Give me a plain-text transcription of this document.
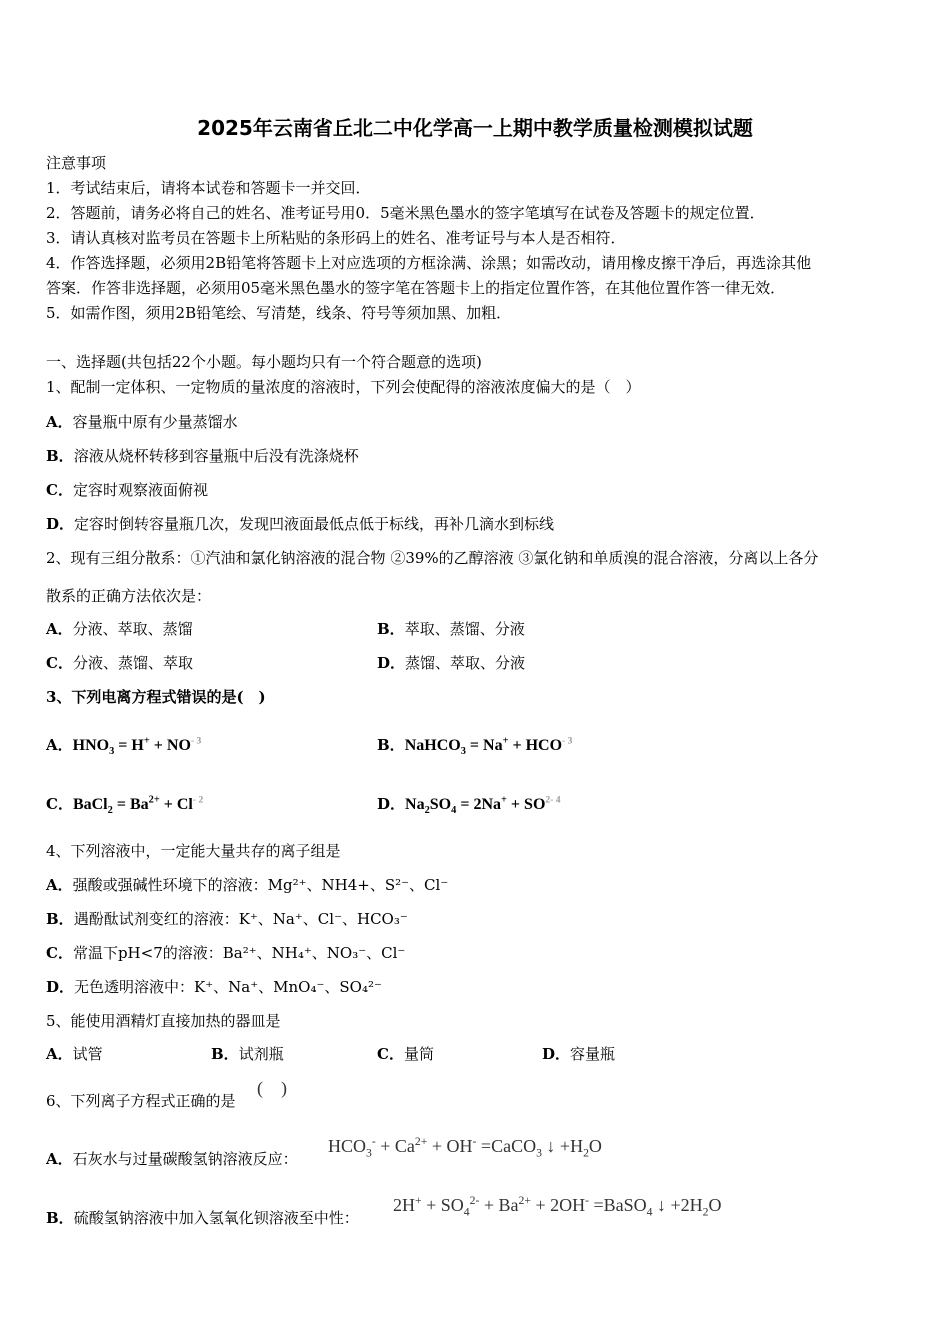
2025年云南省丘北二中化学高一上期中教学质量检测模拟试题
注意事项
1．考试结束后，请将本试卷和答题卡一并交回．
2．答题前，请务必将自己的姓名、准考证号用0．5毫米黑色墨水的签字笔填写在试卷及答题卡的规定位置．
3．请认真核对监考员在答题卡上所粘贴的条形码上的姓名、准考证号与本人是否相符．
4．作答选择题，必须用2B铅笔将答题卡上对应选项的方框涂满、涂黑；如需改动，请用橡皮擦干净后，再选涂其他
答案．作答非选择题，必须用05毫米黑色墨水的签字笔在答题卡上的指定位置作答，在其他位置作答一律无效．
5．如需作图，须用2B铅笔绘、写清楚，线条、符号等须加黑、加粗．
一、选择题(共包括22个小题。每小题均只有一个符合题意的选项)
1、配制一定体积、一定物质的量浓度的溶液时，下列会使配得的溶液浓度偏大的是（　）
A．容量瓶中原有少量蒸馏水
B．溶液从烧杯转移到容量瓶中后没有洗涤烧杯
C．定容时观察液面俯视
D．定容时倒转容量瓶几次，发现凹液面最低点低于标线，再补几滴水到标线
2、现有三组分散系：①汽油和氯化钠溶液的混合物 ②39%的乙醇溶液 ③氯化钠和单质溴的混合溶液，分离以上各分
散系的正确方法依次是：
A．分液、萃取、蒸馏	B．萃取、蒸馏、分液
C．分液、蒸馏、萃取	D．蒸馏、萃取、分液
3、下列电离方程式错误的是(　)
A．$HNO_3 = H^+ + NO^{- 3}$	B．NaHCO$_3$ = $Na^+ + HCO^{- 3}$
C．BaCl$_2$ = $Ba^{2+} + Cl^{- 2}$	D．$Na_2SO_4 = 2Na^+ + SO^{2- 4}$
4、下列溶液中，一定能大量共存的离子组是
A．强酸或强碱性环境下的溶液：Mg²⁺、NH4+、S²⁻、Cl⁻
B．遇酚酞试剂变红的溶液：K⁺、Na⁺、Cl⁻、HCO₃⁻
C．常温下pH<7的溶液：Ba²⁺、NH₄⁺、NO₃⁻、Cl⁻
D．无色透明溶液中：K⁺、Na⁺、MnO₄⁻、SO₄²⁻
5、能使用酒精灯直接加热的器皿是
A．试管	B．试剂瓶	C．量筒	D．容量瓶
6、下列离子方程式正确的是
(　)
A．石灰水与过量碳酸氢钠溶液反应：
$HCO_3^- + Ca^{2+} + OH^-$ =CaCO$_3$ ↓ $+H_2O$
B．硫酸氢钠溶液中加入氢氧化钡溶液至中性：
$2H^+ + SO_4^{2-} + Ba^{2+} + 2OH^-$ =BaSO$_4$ ↓ $+2H_2O$
